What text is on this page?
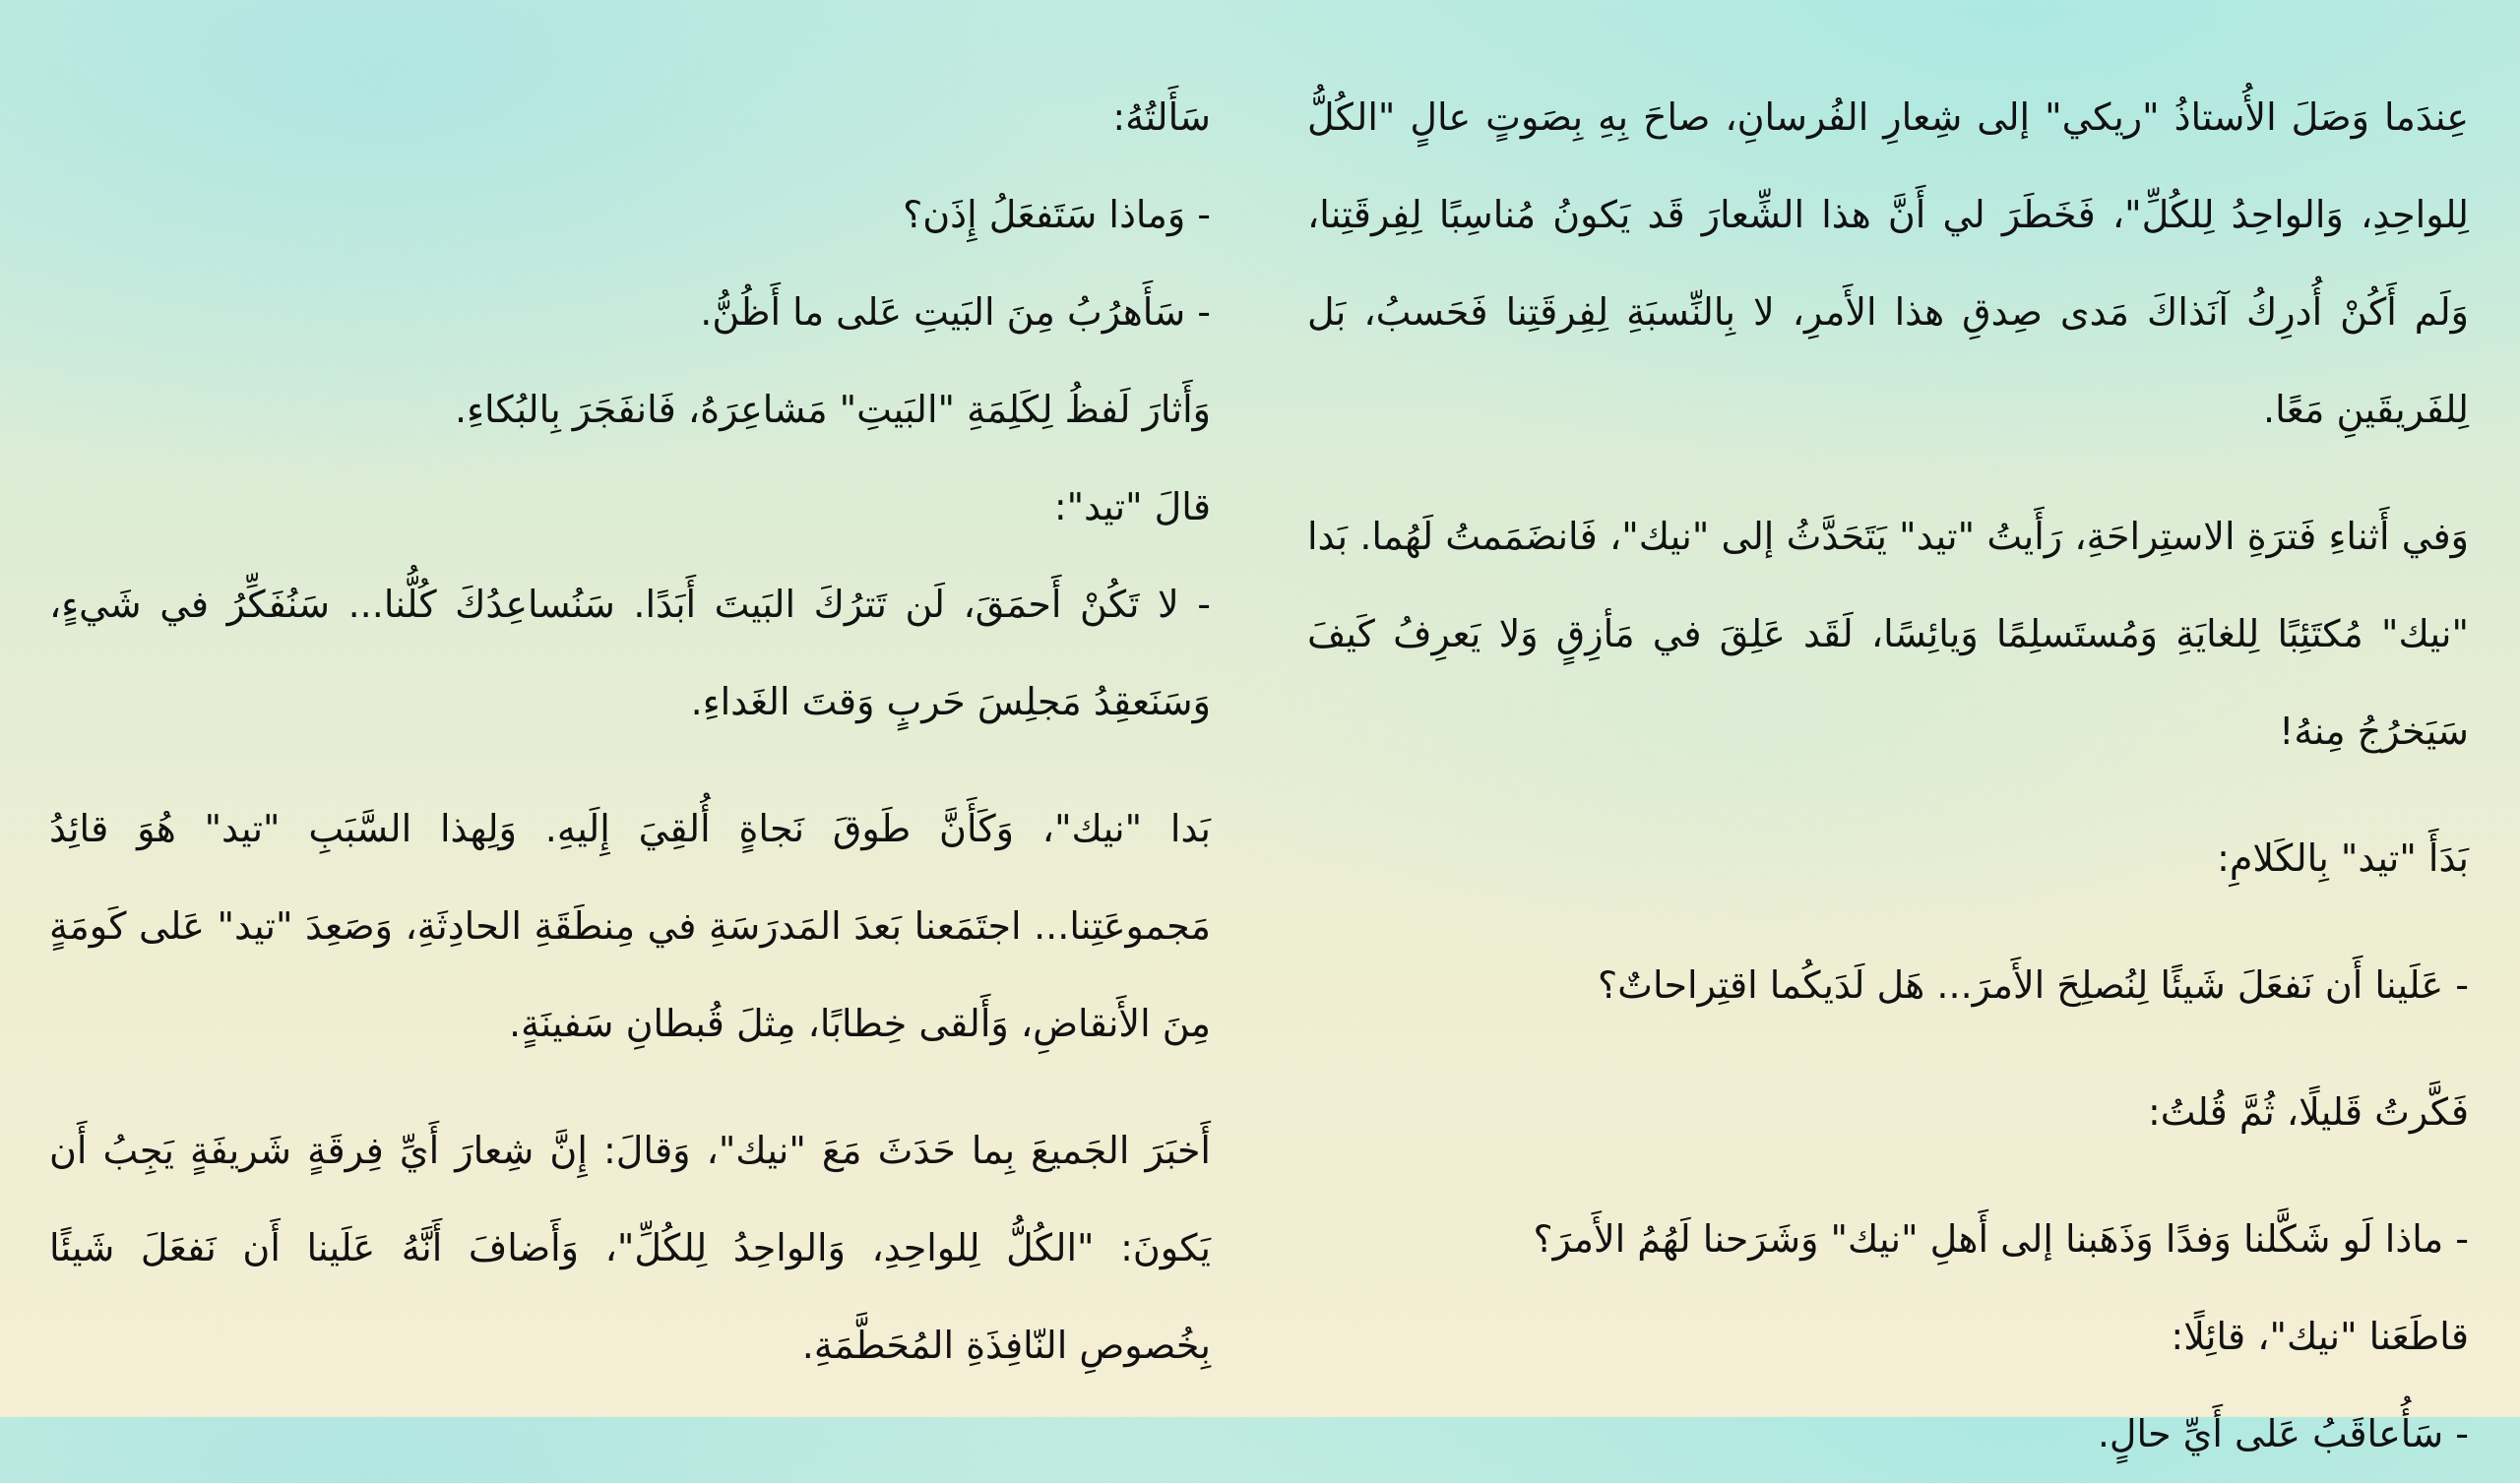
عِندَما وَصَلَ الأُستاذُ "ريكي" إلى شِعارِ الفُرسانِ، صاحَ بِهِ بِصَوتٍ عالٍ "الكُلُّ لِلواحِدِ، وَالواحِدُ لِلكُلِّ"، فَخَطَرَ لي أَنَّ هذا الشِّعارَ قَد يَكونُ مُناسِبًا لِفِرقَتِنا، وَلَم أَكُنْ أُدرِكُ آنَذاكَ مَدى صِدقِ هذا الأَمرِ، لا بِالنِّسبَةِ لِفِرقَتِنا فَحَسبُ، بَل لِلفَريقَينِ مَعًا.

وَفي أَثناءِ فَترَةِ الاستِراحَةِ، رَأَيتُ "تيد" يَتَحَدَّثُ إلى "نيك"، فَانضَمَمتُ لَهُما. بَدا "نيك" مُكتَئِبًا لِلغايَةِ وَمُستَسلِمًا وَيائِسًا، لَقَد عَلِقَ في مَأزِقٍ وَلا يَعرِفُ كَيفَ سَيَخرُجُ مِنهُ!

بَدَأَ "تيد" بِالكَلامِ:

- عَلَينا أَن نَفعَلَ شَيئًا لِنُصلِحَ الأَمرَ... هَل لَدَيكُما اقتِراحاتٌ؟

فَكَّرتُ قَليلًا، ثُمَّ قُلتُ:

- ماذا لَو شَكَّلنا وَفدًا وَذَهَبنا إلى أَهلِ "نيك" وَشَرَحنا لَهُمُ الأَمرَ؟

قاطَعَنا "نيك"، قائِلًا:

- سَأُعاقَبُ عَلى أَيِّ حالٍ.

سَأَلتُهُ:

- وَماذا سَتَفعَلُ إِذَن؟

- سَأَهرُبُ مِنَ البَيتِ عَلى ما أَظُنُّ.

وَأَثارَ لَفظُ لِكَلِمَةِ "البَيتِ" مَشاعِرَهُ، فَانفَجَرَ بِالبُكاءِ.

قالَ "تيد":

- لا تَكُنْ أَحمَقَ، لَن تَترُكَ البَيتَ أَبَدًا. سَنُساعِدُكَ كُلُّنا... سَنُفَكِّرُ في شَيءٍ، وَسَنَعقِدُ مَجلِسَ حَربٍ وَقتَ الغَداءِ.

بَدا "نيك"، وَكَأَنَّ طَوقَ نَجاةٍ أُلقِيَ إِلَيهِ. وَلِهذا السَّبَبِ "تيد" هُوَ قائِدُ مَجموعَتِنا... اجتَمَعنا بَعدَ المَدرَسَةِ في مِنطَقَةِ الحادِثَةِ، وَصَعِدَ "تيد" عَلى كَومَةٍ مِنَ الأَنقاضِ، وَأَلقى خِطابًا، مِثلَ قُبطانِ سَفينَةٍ.

أَخبَرَ الجَميعَ بِما حَدَثَ مَعَ "نيك"، وَقالَ: إِنَّ شِعارَ أَيِّ فِرقَةٍ شَريفَةٍ يَجِبُ أَن يَكونَ: "الكُلُّ لِلواحِدِ، وَالواحِدُ لِلكُلِّ"، وَأَضافَ أَنَّهُ عَلَينا أَن نَفعَلَ شَيئًا بِخُصوصِ النّافِذَةِ المُحَطَّمَةِ.
